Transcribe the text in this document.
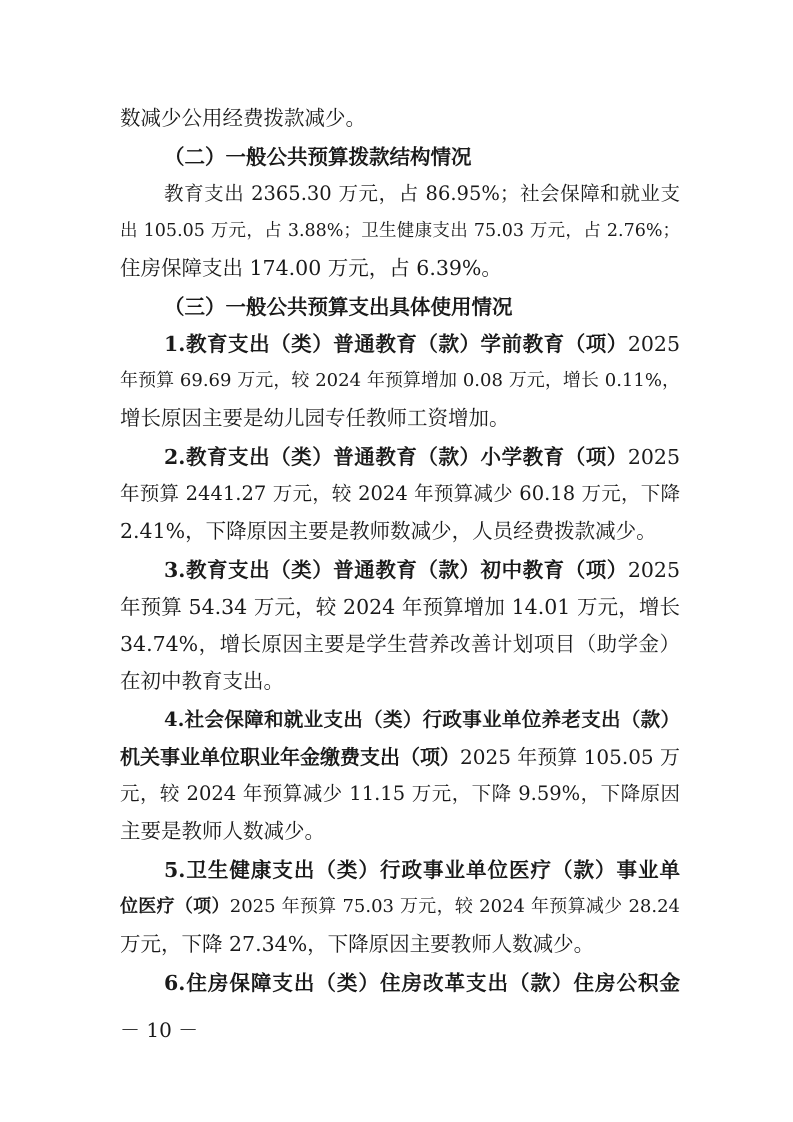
数减少公用经费拨款减少。
（二）一般公共预算拨款结构情况
教育支出 2365.30 万元，占 86.95%；社会保障和就业支
出 105.05 万元，占 3.88%；卫生健康支出 75.03 万元，占 2.76%；
住房保障支出 174.00 万元，占 6.39%。
（三）一般公共预算支出具体使用情况
1.教育支出（类）普通教育（款）学前教育（项）2025
年预算 69.69 万元，较 2024 年预算增加 0.08 万元，增长 0.11%，
增长原因主要是幼儿园专任教师工资增加。
2.教育支出（类）普通教育（款）小学教育（项）2025
年预算 2441.27 万元，较 2024 年预算减少 60.18 万元，下降
2.41%，下降原因主要是教师数减少，人员经费拨款减少。
3.教育支出（类）普通教育（款）初中教育（项）2025
年预算 54.34 万元，较 2024 年预算增加 14.01 万元，增长
34.74%，增长原因主要是学生营养改善计划项目（助学金）
在初中教育支出。
4.社会保障和就业支出（类）行政事业单位养老支出（款）
机关事业单位职业年金缴费支出（项）2025 年预算 105.05 万
元，较 2024 年预算减少 11.15 万元，下降 9.59%，下降原因
主要是教师人数减少。
5.卫生健康支出（类）行政事业单位医疗（款）事业单
位医疗（项）2025 年预算 75.03 万元，较 2024 年预算减少 28.24
万元，下降 27.34%，下降原因主要教师人数减少。
6.住房保障支出（类）住房改革支出（款）住房公积金
－ 10 －
